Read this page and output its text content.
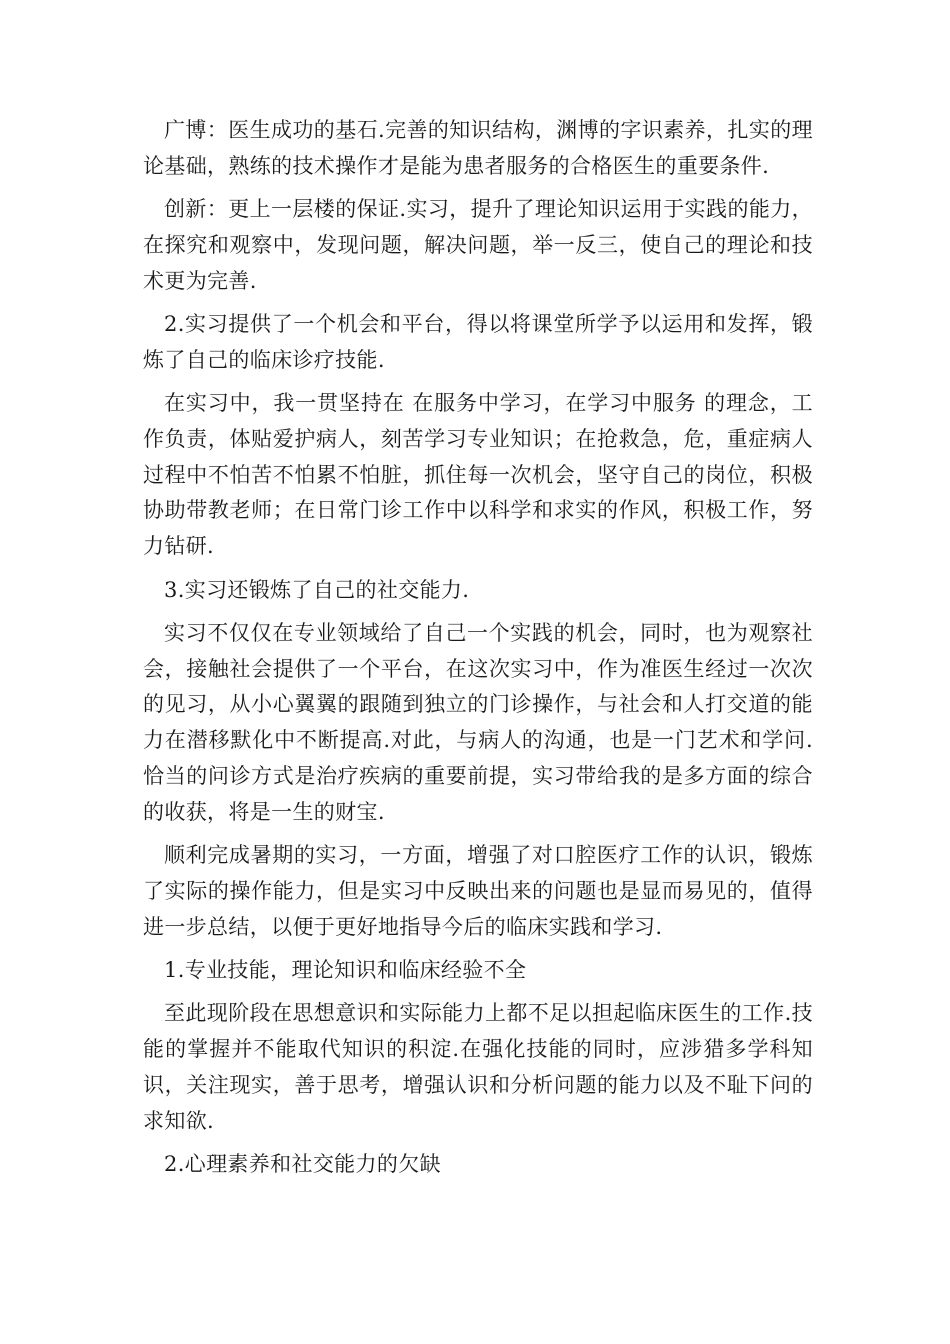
广博：医生成功的基石.完善的知识结构，渊博的字识素养，扎实的理论基础，熟练的技术操作才是能为患者服务的合格医生的重要条件.

创新：更上一层楼的保证.实习，提升了理论知识运用于实践的能力，在探究和观察中，发现问题，解决问题，举一反三，使自己的理论和技术更为完善.

2.实习提供了一个机会和平台，得以将课堂所学予以运用和发挥，锻炼了自己的临床诊疗技能.

在实习中，我一贯坚持在 在服务中学习，在学习中服务 的理念，工作负责，体贴爱护病人，刻苦学习专业知识；在抢救急，危，重症病人过程中不怕苦不怕累不怕脏，抓住每一次机会，坚守自己的岗位，积极协助带教老师；在日常门诊工作中以科学和求实的作风，积极工作，努力钻研.

3.实习还锻炼了自己的社交能力.

实习不仅仅在专业领域给了自己一个实践的机会，同时，也为观察社会，接触社会提供了一个平台，在这次实习中，作为准医生经过一次次的见习，从小心翼翼的跟随到独立的门诊操作，与社会和人打交道的能力在潜移默化中不断提高.对此，与病人的沟通，也是一门艺术和学问.恰当的问诊方式是治疗疾病的重要前提，实习带给我的是多方面的综合的收获，将是一生的财宝.

顺利完成暑期的实习，一方面，增强了对口腔医疗工作的认识，锻炼了实际的操作能力，但是实习中反映出来的问题也是显而易见的，值得进一步总结，以便于更好地指导今后的临床实践和学习.

1.专业技能，理论知识和临床经验不全

至此现阶段在思想意识和实际能力上都不足以担起临床医生的工作.技能的掌握并不能取代知识的积淀.在强化技能的同时，应涉猎多学科知识，关注现实，善于思考，增强认识和分析问题的能力以及不耻下问的求知欲.

2.心理素养和社交能力的欠缺
